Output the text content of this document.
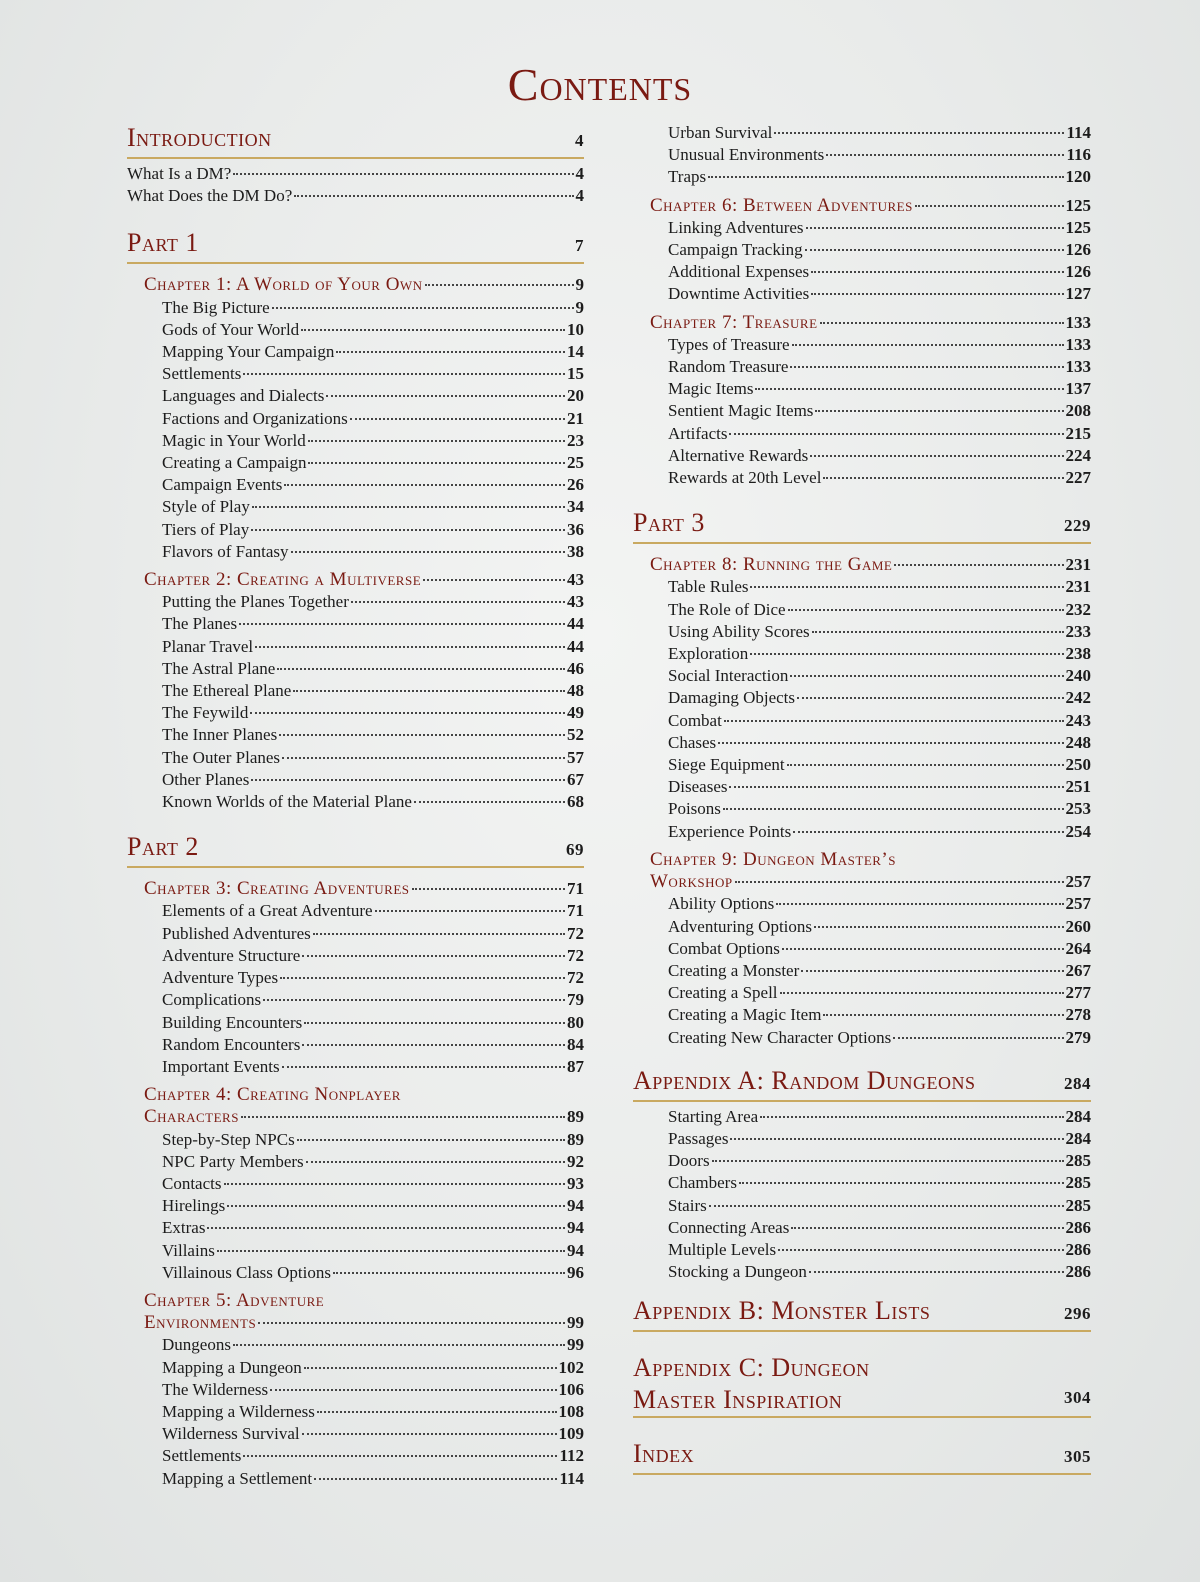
Contents
Introduction	4
What Is a DM?	4
What Does the DM Do?	4
Part 1	7
Chapter 1: A World of Your Own	9
The Big Picture	9
Gods of Your World	10
Mapping Your Campaign	14
Settlements	15
Languages and Dialects	20
Factions and Organizations	21
Magic in Your World	23
Creating a Campaign	25
Campaign Events	26
Style of Play	34
Tiers of Play	36
Flavors of Fantasy	38
Chapter 2: Creating a Multiverse	43
Putting the Planes Together	43
The Planes	44
Planar Travel	44
The Astral Plane	46
The Ethereal Plane	48
The Feywild	49
The Inner Planes	52
The Outer Planes	57
Other Planes	67
Known Worlds of the Material Plane	68
Part 2	69
Chapter 3: Creating Adventures	71
Elements of a Great Adventure	71
Published Adventures	72
Adventure Structure	72
Adventure Types	72
Complications	79
Building Encounters	80
Random Encounters	84
Important Events	87
Chapter 4: Creating Nonplayer
Characters	89
Step-by-Step NPCs	89
NPC Party Members	92
Contacts	93
Hirelings	94
Extras	94
Villains	94
Villainous Class Options	96
Chapter 5: Adventure
Environments	99
Dungeons	99
Mapping a Dungeon	102
The Wilderness	106
Mapping a Wilderness	108
Wilderness Survival	109
Settlements	112
Mapping a Settlement	114
Urban Survival	114
Unusual Environments	116
Traps	120
Chapter 6: Between Adventures	125
Linking Adventures	125
Campaign Tracking	126
Additional Expenses	126
Downtime Activities	127
Chapter 7: Treasure	133
Types of Treasure	133
Random Treasure	133
Magic Items	137
Sentient Magic Items	208
Artifacts	215
Alternative Rewards	224
Rewards at 20th Level	227
Part 3	229
Chapter 8: Running the Game	231
Table Rules	231
The Role of Dice	232
Using Ability Scores	233
Exploration	238
Social Interaction	240
Damaging Objects	242
Combat	243
Chases	248
Siege Equipment	250
Diseases	251
Poisons	253
Experience Points	254
Chapter 9: Dungeon Master’s
Workshop	257
Ability Options	257
Adventuring Options	260
Combat Options	264
Creating a Monster	267
Creating a Spell	277
Creating a Magic Item	278
Creating New Character Options	279
Appendix A: Random Dungeons	284
Starting Area	284
Passages	284
Doors	285
Chambers	285
Stairs	285
Connecting Areas	286
Multiple Levels	286
Stocking a Dungeon	286
Appendix B: Monster Lists	296
Appendix C: Dungeon
Master Inspiration	304
Index	305
